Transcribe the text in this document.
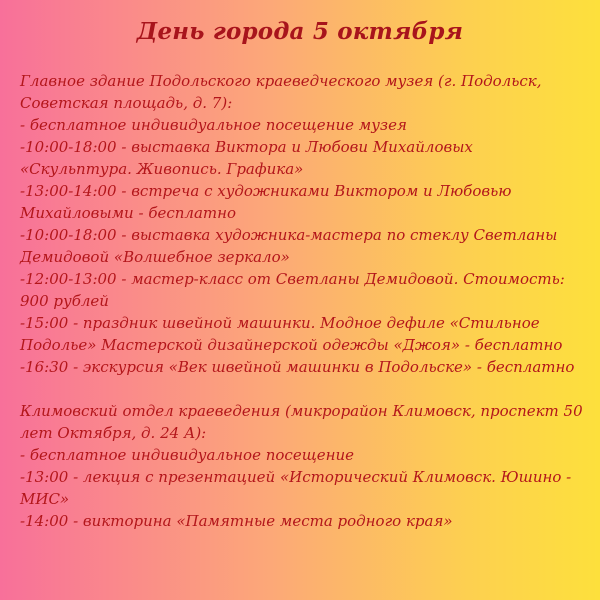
День города 5 октября
Главное здание Подольского краеведческого музея (г. Подольск, Советская площадь, д. 7):
- бесплатное индивидуальное посещение музея
-10:00-18:00 - выставка Виктора и Любови Михайловых «Скульптура. Живопись. Графика»
-13:00-14:00 - встреча с художниками Виктором и Любовью Михайловыми - бесплатно
-10:00-18:00 - выставка художника-мастера по стеклу Светланы Демидовой «Волшебное зеркало»
-12:00-13:00 - мастер-класс от Светланы Демидовой. Стоимость: 900 рублей
-15:00 - праздник швейной машинки. Модное дефиле «Стильное Подолье» Мастерской дизайнерской одежды «Джоя» - бесплатно
-16:30 - экскурсия «Век швейной машинки в Подольске» - бесплатно
Климовский отдел краеведения (микрорайон Климовск, проспект 50 лет Октября, д. 24 А):
- бесплатное индивидуальное посещение
-13:00 - лекция с презентацией «Исторический Климовск. Юшино - МИС»
-14:00 - викторина «Памятные места родного края»
